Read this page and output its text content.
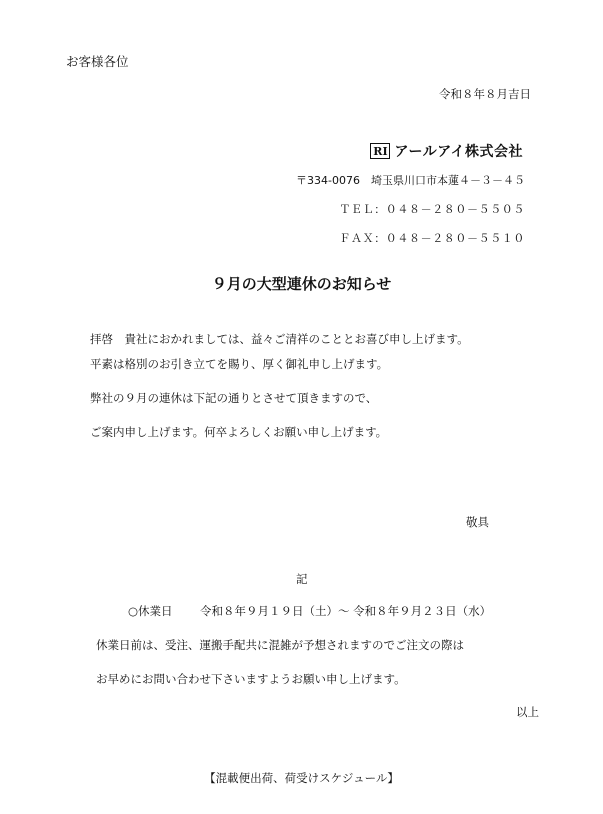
お客様各位
令和８年８月吉日
RI アールアイ株式会社
〒334-0076　埼玉県川口市本蓮４－３－４５
ＴＥＬ：０４８－２８０－５５０５
ＦＡＸ：０４８－２８０－５５１０
９月の大型連休のお知らせ
拝啓　貴社におかれましては、益々ご清祥のこととお喜び申し上げます。
平素は格別のお引き立てを賜り、厚く御礼申し上げます。
弊社の９月の連休は下記の通りとさせて頂きますので、
ご案内申し上げます。何卒よろしくお願い申し上げます。
敬具
記
○休業日 令和８年９月１９日（土）～ 令和８年９月２３日（水）
休業日前は、受注、運搬手配共に混雑が予想されますのでご注文の際は
お早めにお問い合わせ下さいますようお願い申し上げます。
以上
【混載便出荷、荷受けスケジュール】
